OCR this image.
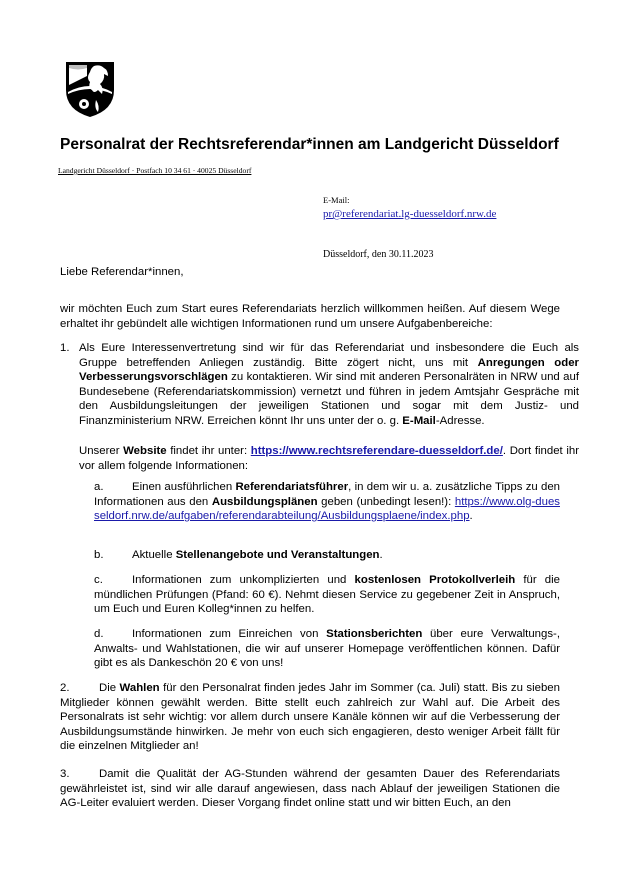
Personalrat der Rechtsreferendar*innen am Landgericht Düsseldorf
Landgericht Düsseldorf · Postfach 10 34 61 · 40025 Düsseldorf
E-Mail:
pr@referendariat.lg-duesseldorf.nrw.de
Düsseldorf, den 30.11.2023
Liebe Referendar*innen,
wir möchten Euch zum Start eures Referendariats herzlich willkommen heißen. Auf diesem Wege erhaltet ihr gebündelt alle wichtigen Informationen rund um unsere Aufgabenbereiche:
1. Als Eure Interessenvertretung sind wir für das Referendariat und insbesondere die Euch als Gruppe betreffenden Anliegen zuständig. Bitte zögert nicht, uns mit Anregungen oder Verbesserungsvorschlägen zu kontaktieren. Wir sind mit anderen Personalräten in NRW und auf Bundesebene (Referendariatskommission) vernetzt und führen in jedem Amtsjahr Gespräche mit den Ausbildungsleitungen der jeweiligen Stationen und sogar mit dem Justiz- und Finanzministerium NRW. Erreichen könnt Ihr uns unter der o. g. E-Mail-Adresse.
Unserer Website findet ihr unter: https://www.rechtsreferendare-duesseldorf.de/. Dort findet ihr vor allem folgende Informationen:
a.	Einen ausführlichen Referendariatsführer, in dem wir u. a. zusätzliche Tipps zu den Informationen aus den Ausbildungsplänen geben (unbedingt lesen!): https://www.olg-duesseldorf.nrw.de/aufgaben/referendarabteilung/Ausbildungsplaene/index.php.
b.	Aktuelle Stellenangebote und Veranstaltungen.
c.	Informationen zum unkomplizierten und kostenlosen Protokollverleih für die mündlichen Prüfungen (Pfand: 60 €). Nehmt diesen Service zu gegebener Zeit in Anspruch, um Euch und Euren Kolleg*innen zu helfen.
d.	Informationen zum Einreichen von Stationsberichten über eure Verwaltungs-, Anwalts- und Wahlstationen, die wir auf unserer Homepage veröffentlichen können. Dafür gibt es als Dankeschön 20 € von uns!
2.	Die Wahlen für den Personalrat finden jedes Jahr im Sommer (ca. Juli) statt. Bis zu sieben Mitglieder können gewählt werden. Bitte stellt euch zahlreich zur Wahl auf. Die Arbeit des Personalrats ist sehr wichtig: vor allem durch unsere Kanäle können wir auf die Verbesserung der Ausbildungsumstände hinwirken. Je mehr von euch sich engagieren, desto weniger Arbeit fällt für die einzelnen Mitglieder an!
3.	Damit die Qualität der AG-Stunden während der gesamten Dauer des Referendariats gewährleistet ist, sind wir alle darauf angewiesen, dass nach Ablauf der jeweiligen Stationen die AG-Leiter evaluiert werden. Dieser Vorgang findet online statt und wir bitten Euch, an den
